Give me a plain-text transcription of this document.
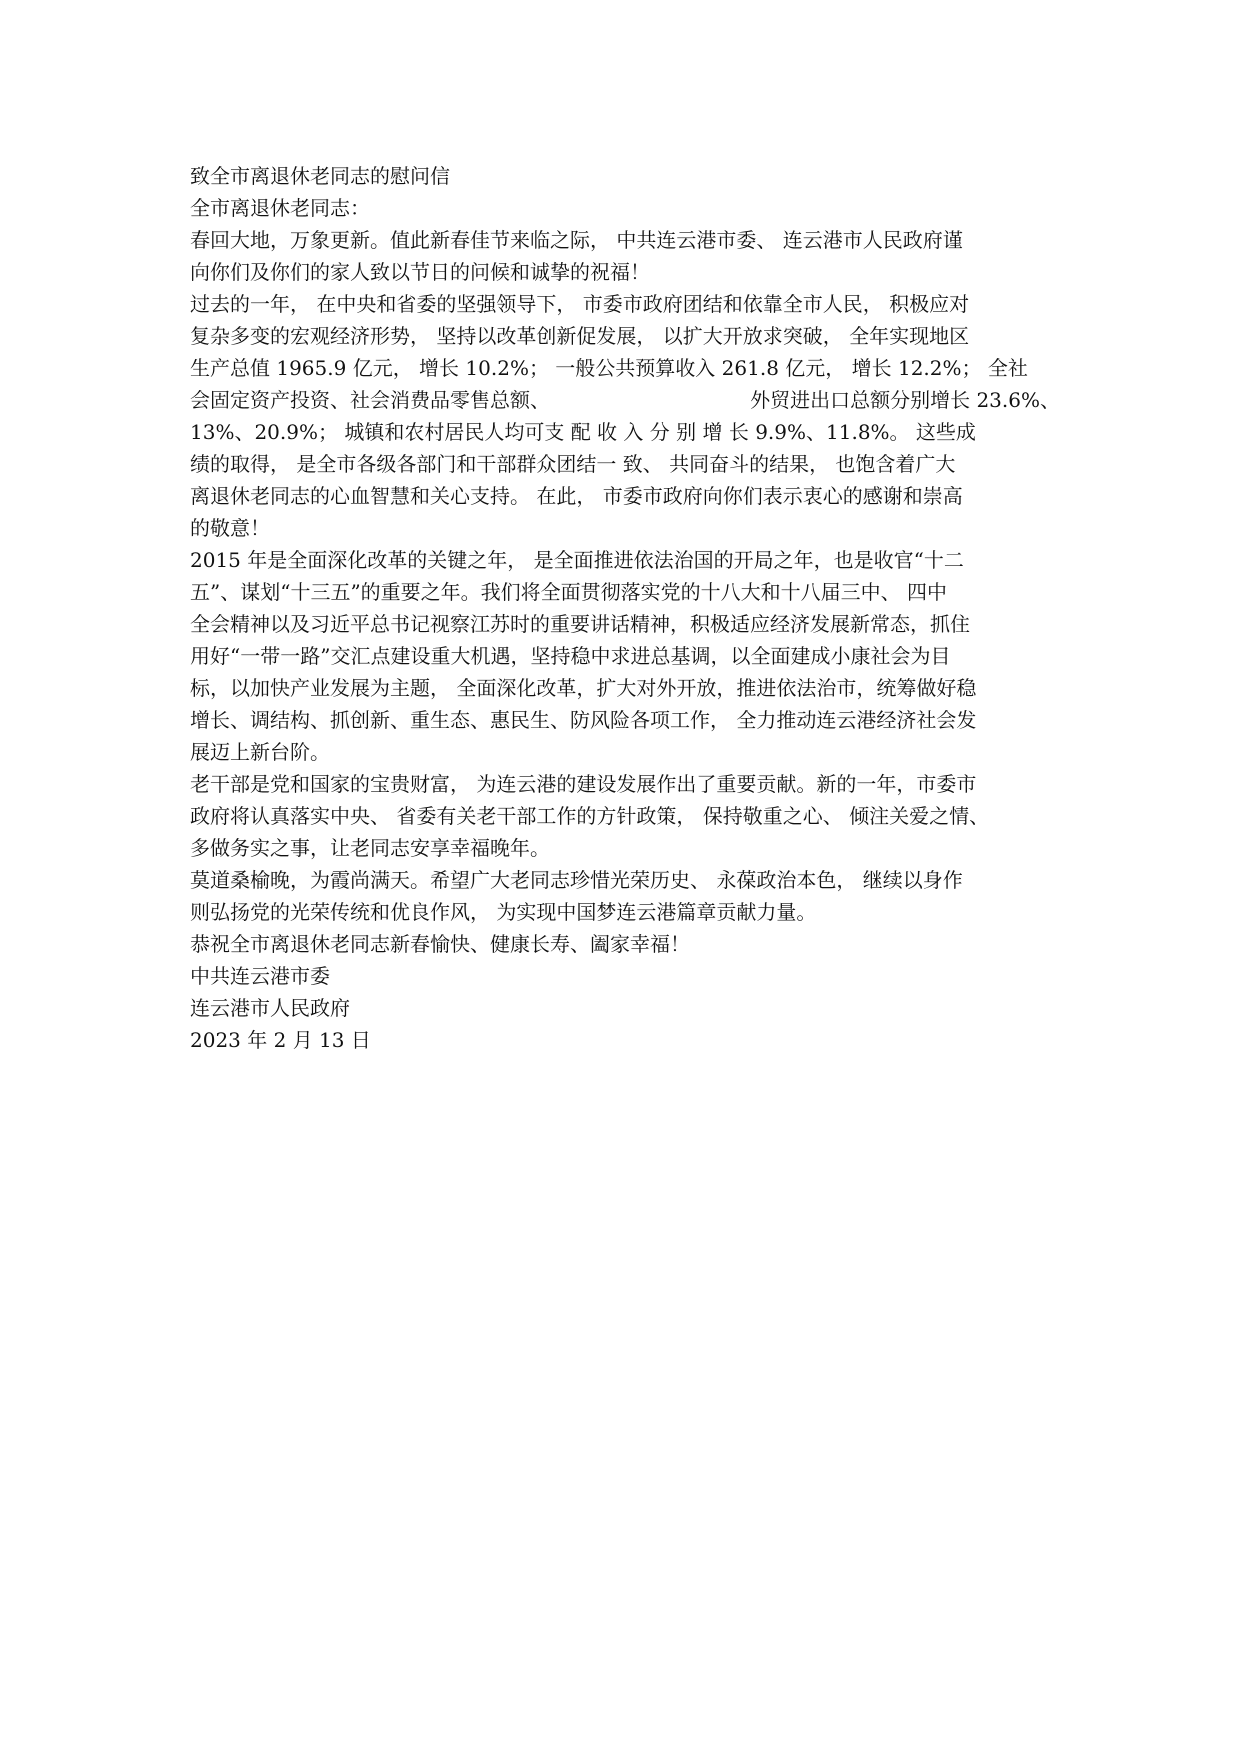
致全市离退休老同志的慰问信
全市离退休老同志：
春回大地，万象更新。值此新春佳节来临之际， 中共连云港市委、 连云港市人民政府谨
向你们及你们的家人致以节日的问候和诚挚的祝福！
过去的一年， 在中央和省委的坚强领导下， 市委市政府团结和依靠全市人民， 积极应对
复杂多变的宏观经济形势， 坚持以改革创新促发展， 以扩大开放求突破， 全年实现地区
生产总值 1965.9 亿元， 增长 10.2%； 一般公共预算收入 261.8 亿元， 增长 12.2%； 全社
会固定资产投资、社会消费品零售总额、	外贸进出口总额分别增长 23.6%、
13%、20.9%； 城镇和农村居民人均可支 配 收 入 分 别 增 长 9.9%、11.8%。 这些成
绩的取得， 是全市各级各部门和干部群众团结一 致、 共同奋斗的结果， 也饱含着广大
离退休老同志的心血智慧和关心支持。 在此， 市委市政府向你们表示衷心的感谢和崇高
的敬意！
2015 年是全面深化改革的关键之年， 是全面推进依法治国的开局之年，也是收官“十二
五”、谋划“十三五”的重要之年。我们将全面贯彻落实党的十八大和十八届三中、 四中
全会精神以及习近平总书记视察江苏时的重要讲话精神，积极适应经济发展新常态，抓住
用好“一带一路”交汇点建设重大机遇，坚持稳中求进总基调，以全面建成小康社会为目
标，以加快产业发展为主题， 全面深化改革，扩大对外开放，推进依法治市，统筹做好稳
增长、调结构、抓创新、重生态、惠民生、防风险各项工作， 全力推动连云港经济社会发
展迈上新台阶。
老干部是党和国家的宝贵财富， 为连云港的建设发展作出了重要贡献。新的一年，市委市
政府将认真落实中央、 省委有关老干部工作的方针政策， 保持敬重之心、 倾注关爱之情、
多做务实之事，让老同志安享幸福晚年。
莫道桑榆晚，为霞尚满天。希望广大老同志珍惜光荣历史、 永葆政治本色， 继续以身作
则弘扬党的光荣传统和优良作风， 为实现中国梦连云港篇章贡献力量。
恭祝全市离退休老同志新春愉快、健康长寿、阖家幸福！
中共连云港市委
连云港市人民政府
2023 年 2 月 13 日
